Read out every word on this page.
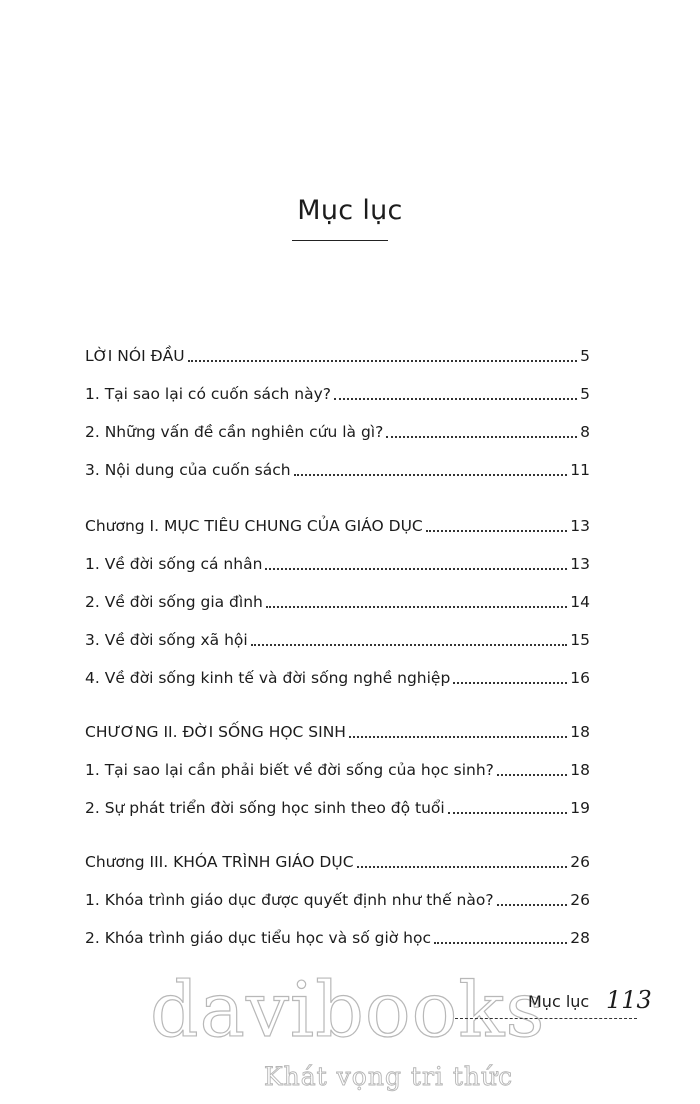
Mục lục
LỜI NÓI ĐẦU	5
1. Tại sao lại có cuốn sách này?	5
2. Những vấn đề cần nghiên cứu là gì?	8
3. Nội dung của cuốn sách	11
Chương I. MỤC TIÊU CHUNG CỦA GIÁO DỤC	13
1. Về đời sống cá nhân	13
2. Về đời sống gia đình	14
3. Về đời sống xã hội	15
4. Về đời sống kinh tế và đời sống nghề nghiệp	16
CHƯƠNG II. ĐỜI SỐNG HỌC SINH	18
1. Tại sao lại cần phải biết về đời sống của học sinh?	18
2. Sự phát triển đời sống học sinh theo độ tuổi	19
Chương III. KHÓA TRÌNH GIÁO DỤC	26
1. Khóa trình giáo dục được quyết định như thế nào?	26
2. Khóa trình giáo dục tiểu học và số giờ học	28
davibooks
Khát vọng tri thức
Mục lục 113
